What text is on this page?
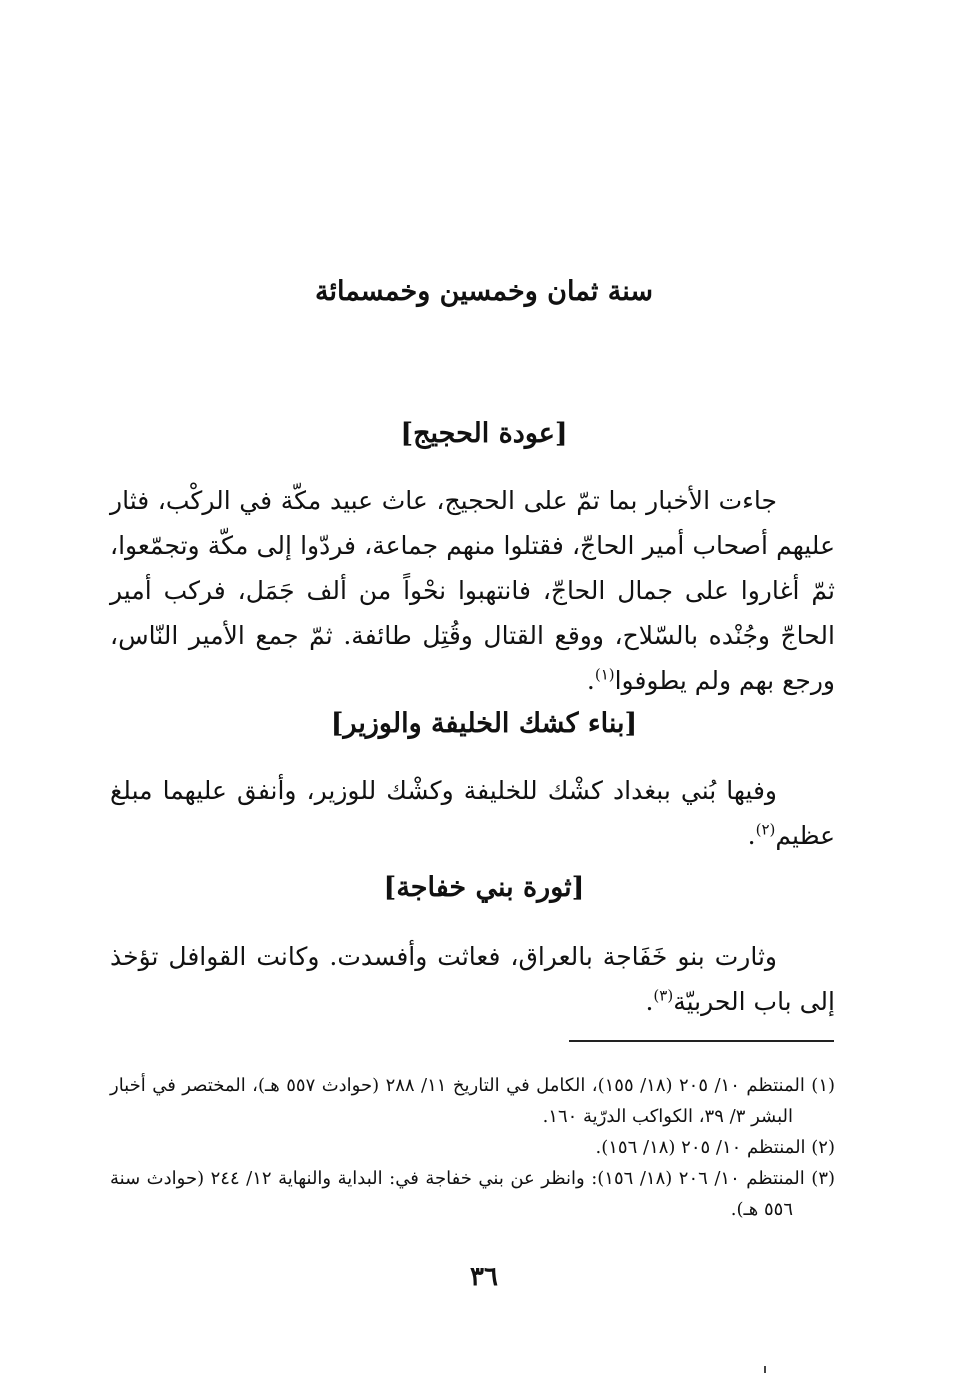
سنة ثمان وخمسين وخمسمائة
[عودة الحجيج]

جاءت الأخبار بما تمّ على الحجيج، عاث عبيد مكّة في الركْب، فثار عليهم أصحاب أمير الحاجّ، فقتلوا منهم جماعة، فردّوا إلى مكّة وتجمّعوا، ثمّ أغاروا على جمال الحاجّ، فانتهبوا نحْواً من ألف جَمَل، فركب أمير الحاجّ وجُنْده بالسّلاح، ووقع القتال وقُتِل طائفة. ثمّ جمع الأمير النّاس، ورجع بهم ولم يطوفوا$^{(١)}$.

[بناء كشك الخليفة والوزير]

وفيها بُني ببغداد كشْك للخليفة وكشْك للوزير، وأنفق عليهما مبلغ عظيم$^{(٢)}$.

[ثورة بني خفاجة]

وثارت بنو خَفَاجة بالعراق، فعاثت وأفسدت. وكانت القوافل تؤخذ إلى باب الحربيّة$^{(٣)}$.

(١) المنتظم ١٠/ ٢٠٥ (١٨/ ١٥٥)، الكامل في التاريخ ١١/ ٢٨٨ (حوادث ٥٥٧ هـ)، المختصر في أخبار البشر ٣/ ٣٩، الكواكب الدرّية ١٦٠.

(٢) المنتظم ١٠/ ٢٠٥ (١٨/ ١٥٦).

(٣) المنتظم ١٠/ ٢٠٦ (١٨/ ١٥٦): وانظر عن بني خفاجة في: البداية والنهاية ١٢/ ٢٤٤ (حوادث سنة ٥٥٦ هـ).

٣٦
